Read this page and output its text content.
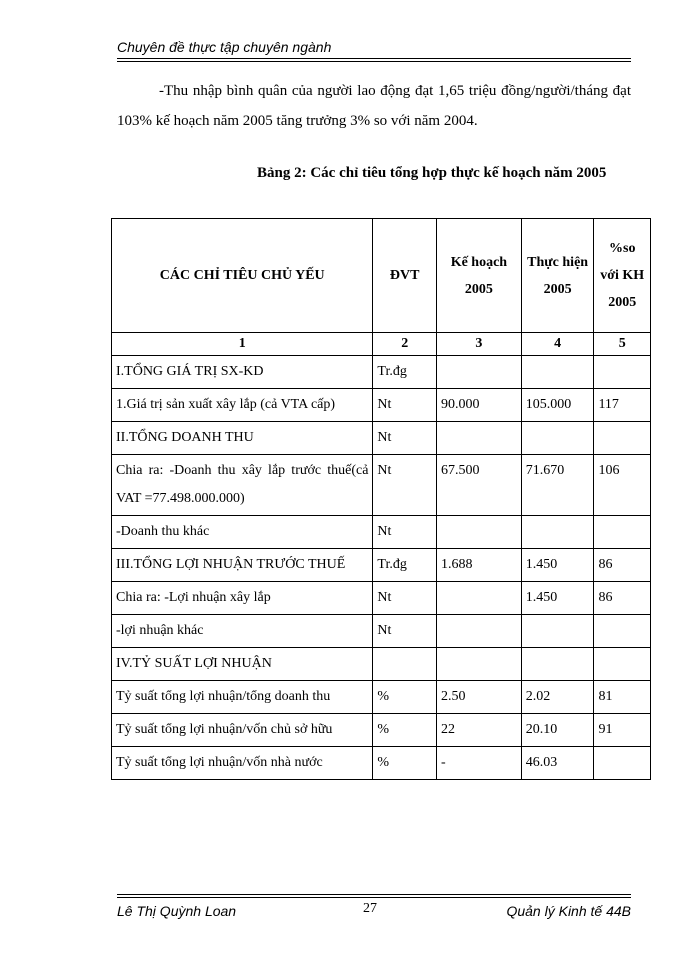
Chuyên đề thực tập chuyên ngành

-Thu nhập bình quân của người lao động đạt 1,65 triệu đồng/người/tháng đạt 103% kế hoạch năm 2005 tăng trưởng 3% so với năm 2004.

Bảng 2: Các chỉ tiêu tổng hợp thực kế hoạch năm 2005
CÁC CHỈ TIÊU CHỦ YẾU	ĐVT	Kế hoạch 2005	Thực hiện 2005	%so với KH 2005
1	2	3	4	5
I.TỔNG GIÁ TRỊ SX-KD	Tr.đg			
1.Giá trị sản xuất xây lắp (cả VTA cấp)	Nt	90.000	105.000	117
II.TỔNG DOANH THU	Nt			
Chia ra: -Doanh thu xây lắp trước thuế(cả VAT =77.498.000.000)	Nt	67.500	71.670	106
-Doanh thu khác	Nt			
III.TỔNG LỢI NHUẬN TRƯỚC THUẾ	Tr.đg	1.688	1.450	86
Chia ra: -Lợi nhuận xây lắp	Nt		1.450	86
-lợi nhuận khác	Nt			
IV.TỶ SUẤT LỢI NHUẬN				
Tỷ suất tổng lợi nhuận/tổng doanh thu	%	2.50	2.02	81
Tỷ suất tổng lợi nhuận/vốn chủ sở hữu	%	22	20.10	91
Tỷ suất tổng lợi nhuận/vốn nhà nước	%	-	46.03	
Lê Thị Quỳnh Loan	27	Quản lý Kinh tế 44B
